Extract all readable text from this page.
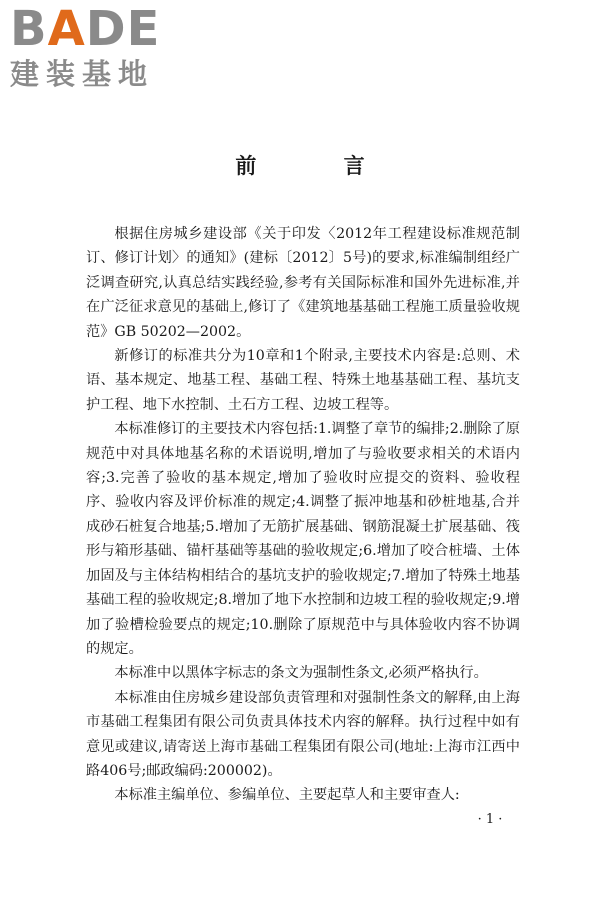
BADE
建装基地
前 言

根据住房城乡建设部《关于印发〈2012年工程建设标准规范制订、修订计划〉的通知》(建标〔2012〕5号)的要求,标准编制组经广泛调查研究,认真总结实践经验,参考有关国际标准和国外先进标准,并在广泛征求意见的基础上,修订了《建筑地基基础工程施工质量验收规范》GB 50202—2002。

新修订的标准共分为10章和1个附录,主要技术内容是:总则、术语、基本规定、地基工程、基础工程、特殊土地基基础工程、基坑支护工程、地下水控制、土石方工程、边坡工程等。

本标准修订的主要技术内容包括:1.调整了章节的编排;2.删除了原规范中对具体地基名称的术语说明,增加了与验收要求相关的术语内容;3.完善了验收的基本规定,增加了验收时应提交的资料、验收程序、验收内容及评价标准的规定;4.调整了振冲地基和砂桩地基,合并成砂石桩复合地基;5.增加了无筋扩展基础、钢筋混凝土扩展基础、筏形与箱形基础、锚杆基础等基础的验收规定;6.增加了咬合桩墙、土体加固及与主体结构相结合的基坑支护的验收规定;7.增加了特殊土地基基础工程的验收规定;8.增加了地下水控制和边坡工程的验收规定;9.增加了验槽检验要点的规定;10.删除了原规范中与具体验收内容不协调的规定。

本标准中以黑体字标志的条文为强制性条文,必须严格执行。

本标准由住房城乡建设部负责管理和对强制性条文的解释,由上海市基础工程集团有限公司负责具体技术内容的解释。执行过程中如有意见或建议,请寄送上海市基础工程集团有限公司(地址:上海市江西中路406号;邮政编码:200002)。

本标准主编单位、参编单位、主要起草人和主要审查人:

· 1 ·
